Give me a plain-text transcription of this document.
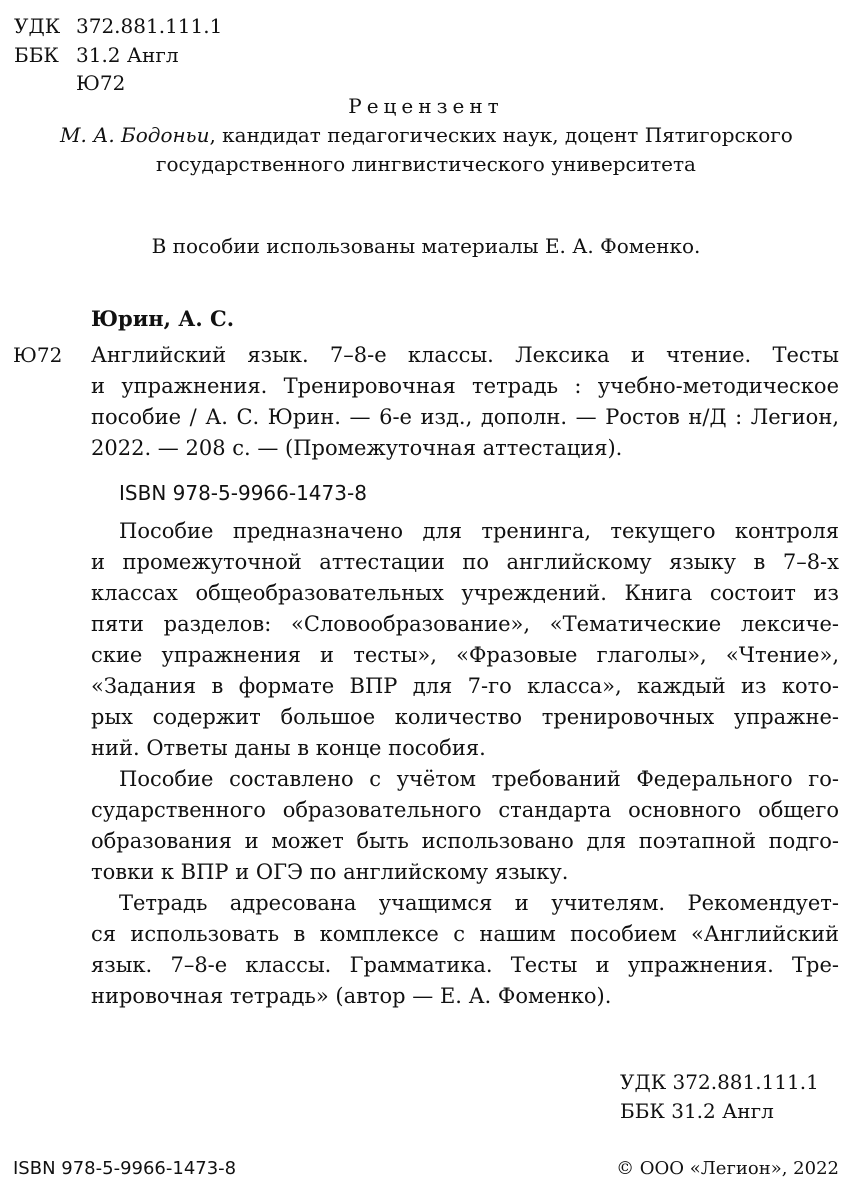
УДК 372.881.111.1
ББК 31.2 Англ
Ю72
Рецензент
М. А. Бодоньи, кандидат педагогических наук, доцент Пятигорского
государственного лингвистического университета
В пособии использованы материалы Е. А. Фоменко.
Юрин, А. С.
Ю72 Английский язык. 7–8-е классы. Лексика и чтение. Тесты
и упражнения. Тренировочная тетрадь : учебно-методическое
пособие / А. С. Юрин. — 6-е изд., дополн. — Ростов н/Д : Легион,
2022. — 208 с. — (Промежуточная аттестация).
ISBN 978-5-9966-1473-8
Пособие предназначено для тренинга, текущего контроля
и промежуточной аттестации по английскому языку в 7–8-х
классах общеобразовательных учреждений. Книга состоит из
пяти разделов: «Словообразование», «Тематические лексиче-
ские упражнения и тесты», «Фразовые глаголы», «Чтение»,
«Задания в формате ВПР для 7-го класса», каждый из кото-
рых содержит большое количество тренировочных упражне-
ний. Ответы даны в конце пособия.
Пособие составлено с учётом требований Федерального го-
сударственного образовательного стандарта основного общего
образования и может быть использовано для поэтапной подго-
товки к ВПР и ОГЭ по английскому языку.
Тетрадь адресована учащимся и учителям. Рекомендует-
ся использовать в комплексе с нашим пособием «Английский
язык. 7–8-е классы. Грамматика. Тесты и упражнения. Тре-
нировочная тетрадь» (автор — Е. А. Фоменко).
УДК 372.881.111.1
ББК 31.2 Англ
ISBN 978-5-9966-1473-8	© ООО «Легион», 2022
